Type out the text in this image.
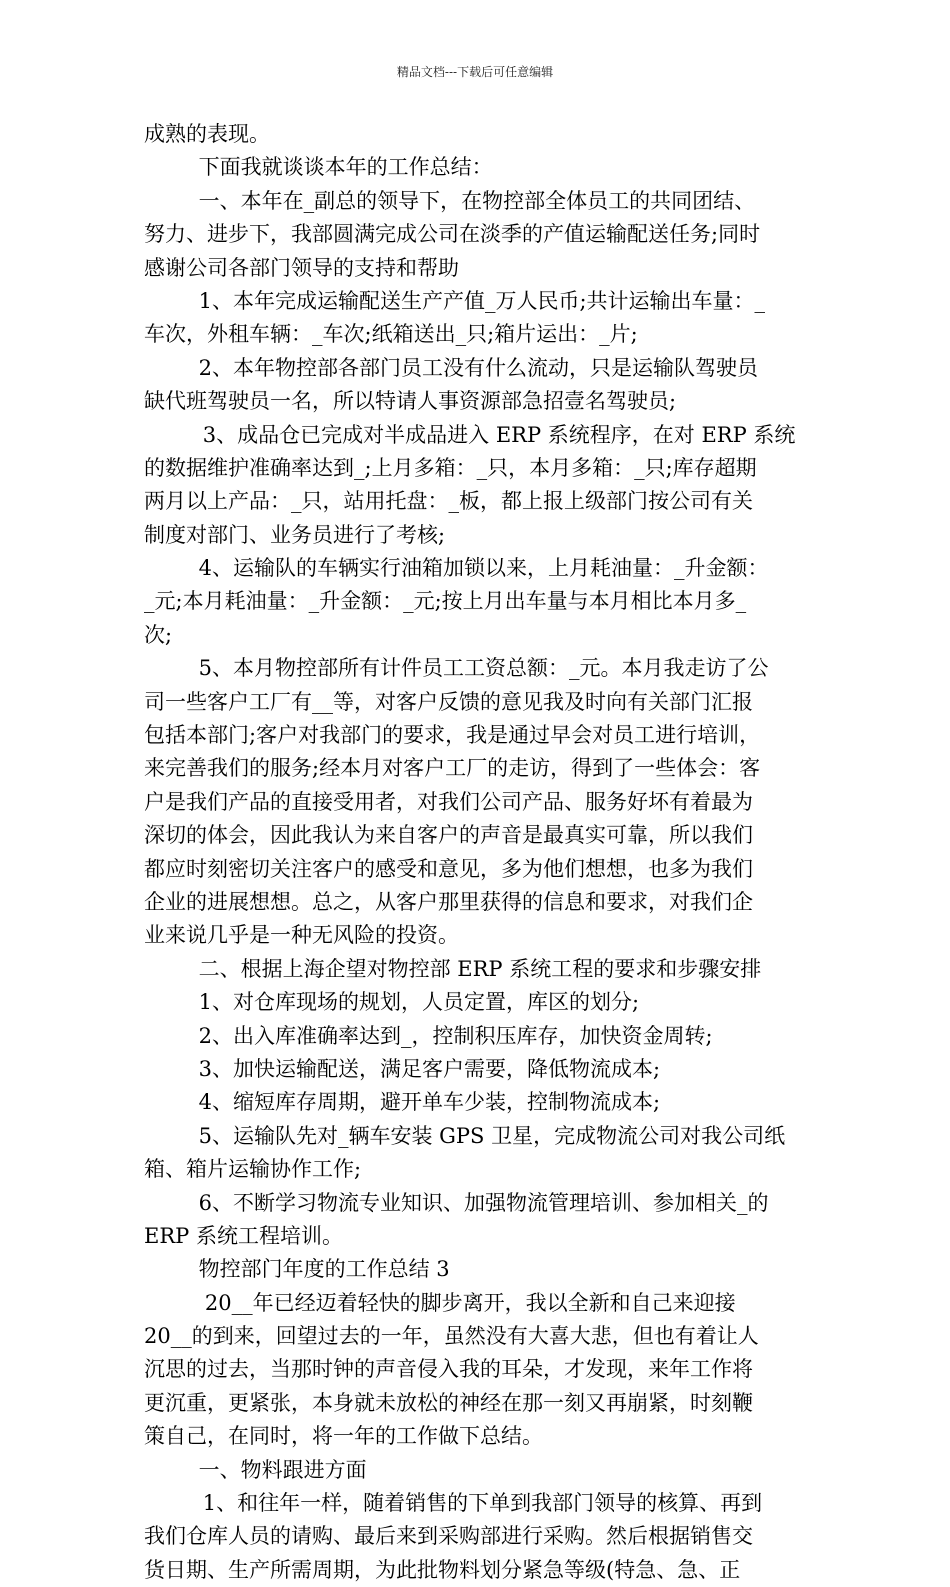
精品文档---下载后可任意编辑
成熟的表现。
下面我就谈谈本年的工作总结：
一、本年在_副总的领导下，在物控部全体员工的共同团结、
努力、进步下，我部圆满完成公司在淡季的产值运输配送任务;同时
感谢公司各部门领导的支持和帮助
1、本年完成运输配送生产产值_万人民币;共计运输出车量：_
车次，外租车辆：_车次;纸箱送出_只;箱片运出：_片;
2、本年物控部各部门员工没有什么流动，只是运输队驾驶员
缺代班驾驶员一名，所以特请人事资源部急招壹名驾驶员;
3、成品仓已完成对半成品进入 ERP 系统程序，在对 ERP 系统
的数据维护准确率达到_;上月多箱：_只，本月多箱：_只;库存超期
两月以上产品：_只，站用托盘：_板，都上报上级部门按公司有关
制度对部门、业务员进行了考核;
4、运输队的车辆实行油箱加锁以来，上月耗油量：_升金额：
_元;本月耗油量：_升金额：_元;按上月出车量与本月相比本月多_
次;
5、本月物控部所有计件员工工资总额：_元。本月我走访了公
司一些客户工厂有__等，对客户反馈的意见我及时向有关部门汇报
包括本部门;客户对我部门的要求，我是通过早会对员工进行培训，
来完善我们的服务;经本月对客户工厂的走访，得到了一些体会：客
户是我们产品的直接受用者，对我们公司产品、服务好坏有着最为
深切的体会，因此我认为来自客户的声音是最真实可靠，所以我们
都应时刻密切关注客户的感受和意见，多为他们想想，也多为我们
企业的进展想想。总之，从客户那里获得的信息和要求，对我们企
业来说几乎是一种无风险的投资。
二、根据上海企望对物控部 ERP 系统工程的要求和步骤安排
1、对仓库现场的规划，人员定置，库区的划分;
2、出入库准确率达到_，控制积压库存，加快资金周转;
3、加快运输配送，满足客户需要，降低物流成本;
4、缩短库存周期，避开单车少装，控制物流成本;
5、运输队先对_辆车安装 GPS 卫星，完成物流公司对我公司纸
箱、箱片运输协作工作;
6、不断学习物流专业知识、加强物流管理培训、参加相关_的
ERP 系统工程培训。
物控部门年度的工作总结 3
20__年已经迈着轻快的脚步离开，我以全新和自己来迎接
20__的到来，回望过去的一年，虽然没有大喜大悲，但也有着让人
沉思的过去，当那时钟的声音侵入我的耳朵，才发现，来年工作将
更沉重，更紧张，本身就未放松的神经在那一刻又再崩紧，时刻鞭
策自己，在同时，将一年的工作做下总结。
一、物料跟进方面
1、和往年一样，随着销售的下单到我部门领导的核算、再到
我们仓库人员的请购、最后来到采购部进行采购。然后根据销售交
货日期、生产所需周期，为此批物料划分紧急等级(特急、急、正
